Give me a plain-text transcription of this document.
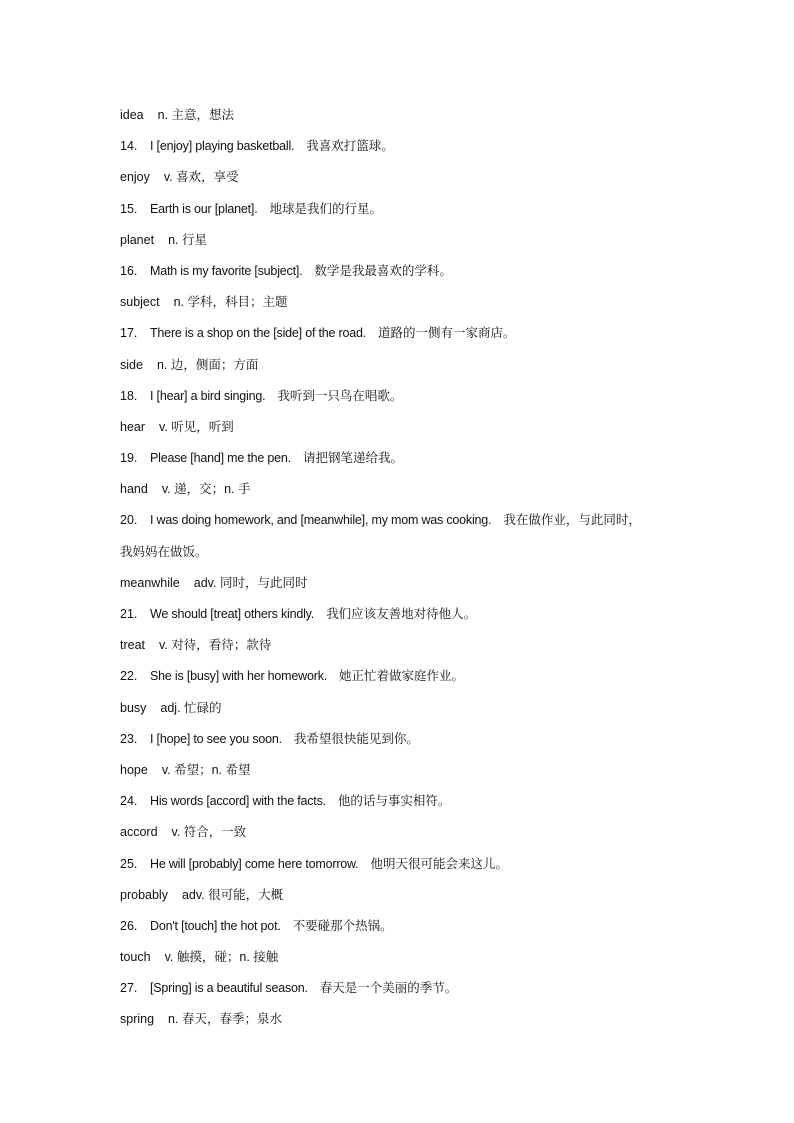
idea n. 主意，想法
14. I [enjoy] playing basketball. 我喜欢打篮球。
enjoy v. 喜欢，享受
15. Earth is our [planet]. 地球是我们的行星。
planet n. 行星
16. Math is my favorite [subject]. 数学是我最喜欢的学科。
subject n. 学科，科目；主题
17. There is a shop on the [side] of the road. 道路的一侧有一家商店。
side n. 边，侧面；方面
18. I [hear] a bird singing. 我听到一只鸟在唱歌。
hear v. 听见，听到
19. Please [hand] me the pen. 请把钢笔递给我。
hand v. 递，交；n. 手
20. I was doing homework, and [meanwhile], my mom was cooking. 我在做作业，与此同时，
我妈妈在做饭。
meanwhile adv. 同时，与此同时
21. We should [treat] others kindly. 我们应该友善地对待他人。
treat v. 对待，看待；款待
22. She is [busy] with her homework. 她正忙着做家庭作业。
busy adj. 忙碌的
23. I [hope] to see you soon. 我希望很快能见到你。
hope v. 希望；n. 希望
24. His words [accord] with the facts. 他的话与事实相符。
accord v. 符合，一致
25. He will [probably] come here tomorrow. 他明天很可能会来这儿。
probably adv. 很可能，大概
26. Don't [touch] the hot pot. 不要碰那个热锅。
touch v. 触摸，碰；n. 接触
27. [Spring] is a beautiful season. 春天是一个美丽的季节。
spring n. 春天，春季；泉水
